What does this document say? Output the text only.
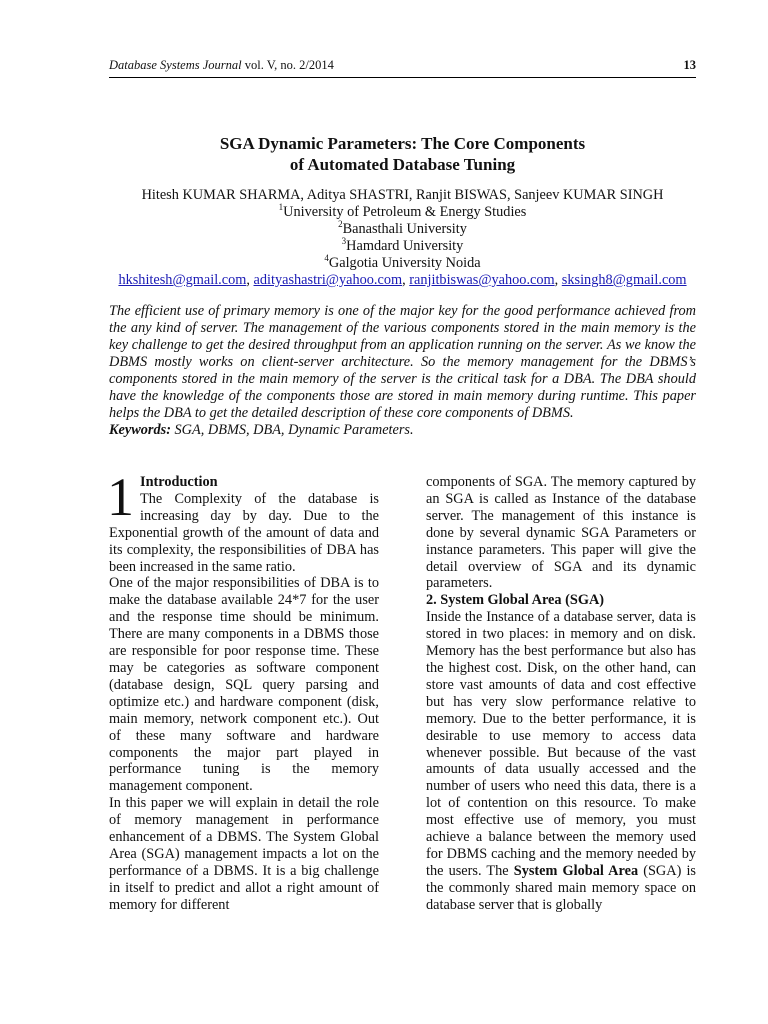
Database Systems Journal vol. V, no. 2/2014	13
SGA Dynamic Parameters: The Core Components
of Automated Database Tuning
Hitesh KUMAR SHARMA, Aditya SHASTRI, Ranjit BISWAS, Sanjeev KUMAR SINGH
$^1$University of Petroleum & Energy Studies
$^2$Banasthali University
$^3$Hamdard University
$^4$Galgotia University Noida
hkshitesh@gmail.com, adityashastri@yahoo.com, ranjitbiswas@yahoo.com, sksingh8@gmail.com
The efficient use of primary memory is one of the major key for the good performance achieved from the any kind of server. The management of the various components stored in the main memory is the key challenge to get the desired throughput from an application running on the server. As we know the DBMS mostly works on client-server architecture. So the memory management for the DBMS’s components stored in the main memory of the server is the critical task for a DBA. The DBA should have the knowledge of the components those are stored in main memory during runtime. This paper helps the DBA to get the detailed description of these core components of DBMS.

Keywords: SGA, DBMS, DBA, Dynamic Parameters.

1 Introduction

The Complexity of the database is increasing day by day. Due to the Exponential growth of the amount of data and its complexity, the responsibilities of DBA has been increased in the same ratio.

One of the major responsibilities of DBA is to make the database available 24*7 for the user and the response time should be minimum. There are many components in a DBMS those are responsible for poor response time. These may be categories as software component (database design, SQL query parsing and optimize etc.) and hardware component (disk, main memory, network component etc.). Out of these many software and hardware components the major part played in performance tuning is the memory management component.

In this paper we will explain in detail the role of memory management in performance enhancement of a DBMS. The System Global Area (SGA) management impacts a lot on the performance of a DBMS. It is a big challenge in itself to predict and allot a right amount of memory for different

components of SGA. The memory captured by an SGA is called as Instance of the database server. The management of this instance is done by several dynamic SGA Parameters or instance parameters. This paper will give the detail overview of SGA and its dynamic parameters.

2. System Global Area (SGA)

Inside the Instance of a database server, data is stored in two places: in memory and on disk. Memory has the best performance but also has the highest cost. Disk, on the other hand, can store vast amounts of data and cost effective but has very slow performance relative to memory. Due to the better performance, it is desirable to use memory to access data whenever possible. But because of the vast amounts of data usually accessed and the number of users who need this data, there is a lot of contention on this resource. To make most effective use of memory, you must achieve a balance between the memory used for DBMS caching and the memory needed by the users. The System Global Area (SGA) is the commonly shared main memory space on database server that is globally
